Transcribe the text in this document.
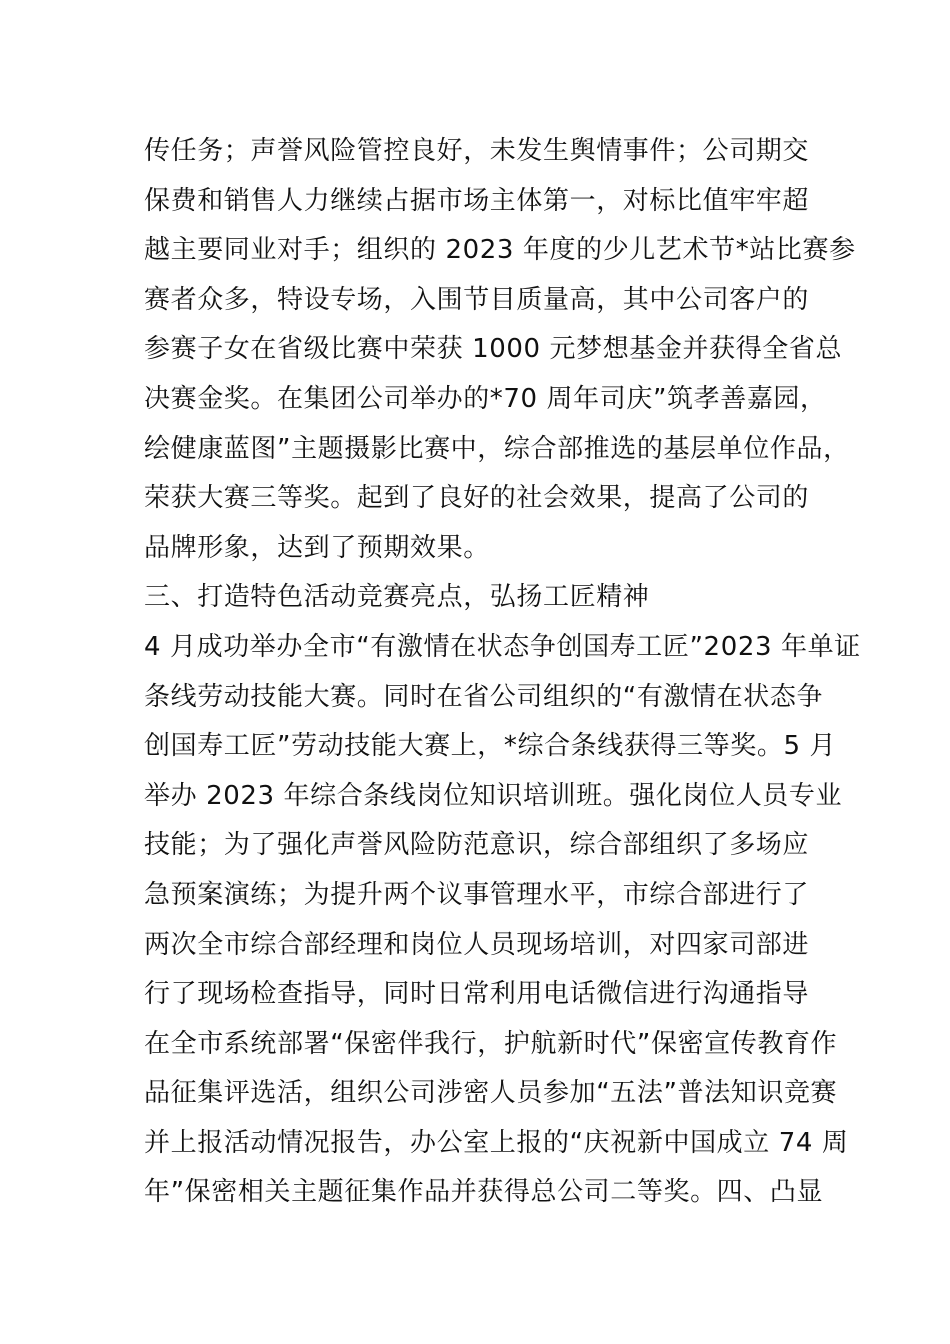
传任务；声誉风险管控良好，未发生舆情事件；公司期交
保费和销售人力继续占据市场主体第一，对标比值牢牢超
越主要同业对手；组织的 2023 年度的少儿艺术节*站比赛参
赛者众多，特设专场，入围节目质量高，其中公司客户的
参赛子女在省级比赛中荣获 1000 元梦想基金并获得全省总
决赛金奖。在集团公司举办的*70 周年司庆”筑孝善嘉园，
绘健康蓝图”主题摄影比赛中，综合部推选的基层单位作品，
荣获大赛三等奖。起到了良好的社会效果，提高了公司的
品牌形象，达到了预期效果。
三、打造特色活动竞赛亮点，弘扬工匠精神
4 月成功举办全市“有激情在状态争创国寿工匠”2023 年单证
条线劳动技能大赛。同时在省公司组织的“有激情在状态争
创国寿工匠”劳动技能大赛上，*综合条线获得三等奖。5 月
举办 2023 年综合条线岗位知识培训班。强化岗位人员专业
技能；为了强化声誉风险防范意识，综合部组织了多场应
急预案演练；为提升两个议事管理水平，市综合部进行了
两次全市综合部经理和岗位人员现场培训，对四家司部进
行了现场检查指导，同时日常利用电话微信进行沟通指导
在全市系统部署“保密伴我行，护航新时代”保密宣传教育作
品征集评选活，组织公司涉密人员参加“五法”普法知识竞赛
并上报活动情况报告，办公室上报的“庆祝新中国成立 74 周
年”保密相关主题征集作品并获得总公司二等奖。四、凸显
